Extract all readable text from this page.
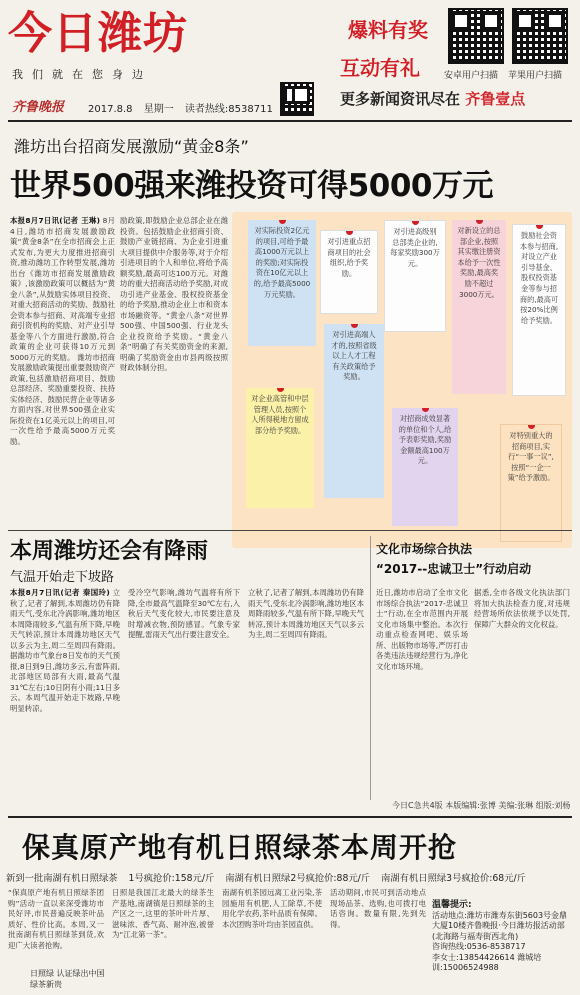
今日潍坊
我们就在您身边
齐鲁晚报 2017.8.8 星期一 读者热线:8538711
爆料有奖
互动有礼	安卓用户扫描 苹果用户扫描
更多新闻资讯尽在 齐鲁壹点
潍坊出台招商发展激励“黄金8条”
世界500强来潍投资可得5000万元
本报8月7日讯(记者 王琳) 8月4日,潍坊市招商发展激励政策“黄金8条”在全市招商会上正式发布,为更大力度推进招商引资,推动潍坊工作转型发展,潍坊出台《潍坊市招商发展激励政策》,该激励政策可以概括为“黄金八条”,从鼓励实体项目投资、对重大招商活动的奖励、鼓励社会资本参与招商、对高端专业招商引资机构的奖励、对产业引导基金等八个方面进行激励,符合政策的企业可获得10万元到5000万元的奖励。 潍坊市招商发展激励政策提出重要鼓励资产政策,包括激励招商项目、鼓励总部经济、奖励重要投资、扶持实体经济、鼓励民营企业等诸多方面内容,对世界500强企业实际投资在1亿美元以上的项目,可一次性给予最高5000万元奖励。
励政策,即鼓励企业总部企业在潍投资。包括鼓励企业招商引资、鼓励产业链招商、为企业引进重大项目提供中介服务等,对于介绍引进项目的个人和单位,将给予高额奖励,最高可达100万元。对潍坊的重大招商活动给予奖励,对成功引进产业基金、股权投资基金的给予奖励,推动企业上市和资本市场融资等。“黄金八条”对世界500强、中国500强、行业龙头企业投资给予奖励。“黄金八条”明确了有关奖励资金的来源,明确了奖励资金由市县两级按照财政体制分担。
对实际投资2亿元的项目,可给予最高1000万元以上的奖励;对实际投资在10亿元以上的,给予最高5000万元奖励。
对引进重点招商项目的社会组织,给予奖励。
对引进高级别总部类企业的,每家奖励300万元。
对新设立的总部企业,按照其实缴注册资本给予一次性奖励,最高奖励不超过3000万元。
鼓励社会资本参与招商,对设立产业引导基金、股权投资基金等参与招商的,最高可按20%比例给予奖励。
对引进高端人才的,按照省级以上人才工程有关政策给予奖励。
对企业高管和中层管理人员,按照个人所得税地方留成部分给予奖励。
对招商成效显著的单位和个人,给予表彰奖励,奖励金额最高100万元。
对特别重大的招商项目,实行“一事一议”,按照“一企一策”给予激励。
本周潍坊还会有降雨
气温开始走下坡路
本报8月7日讯(记者 秦国玲) 立秋了,记者了解到,本周潍坊仍有降雨天气,受东北冷涡影响,潍坊地区本周降雨较多,气温有所下降,早晚天气转凉,预计本周潍坊地区天气以多云为主,周二至周四有降雨。 据潍坊市气象台8日发布的天气预报,8日到9日,潍坊多云,有雷阵雨,北部地区局部有大雨,最高气温31℃左右;10日阴有小雨;11日多云。本周气温开始走下坡路,早晚明显转凉。
受冷空气影响,潍坊气温将有所下降,全市最高气温降至30℃左右,入秋后天气变化较大,市民要注意及时增减衣物,预防感冒。气象专家提醒,雷雨天气出行要注意安全。
立秋了,记者了解到,本周潍坊仍有降雨天气,受东北冷涡影响,潍坊地区本周降雨较多,气温有所下降,早晚天气转凉,预计本周潍坊地区天气以多云为主,周二至周四有降雨。
文化市场综合执法
“2017--忠诚卫士”行动启动
近日,潍坊市启动了全市文化市场综合执法“2017-忠诚卫士”行动,在全市范围内开展文化市场集中整治。本次行动重点检查网吧、娱乐场所、出版物市场等,严厉打击各类违法违规经营行为,净化文化市场环境。
据悉,全市各级文化执法部门将加大执法检查力度,对违规经营场所依法依规予以处罚,保障广大群众的文化权益。
今日C急共4版 本版编辑:张博 美编:张琳 组版:刘杨
保真原产地有机日照绿茶本周开抢
新到一批南湖有机日照绿茶 1号疯抢价:158元/斤 南湖有机日照绿2号疯抢价:88元/斤 南湖有机日照绿3号疯抢价:68元/斤
“保真原产地有机日照绿茶团购”活动一直以来深受潍坊市民好评,市民普遍反映茶叶品质好、性价比高。本周,又一批南湖有机日照绿茶到货,欢迎广大读者抢购。
日照绿 认证绿出中国绿茶新贵
日照是我国江北最大的绿茶生产基地,南湖镇是日照绿茶的主产区之一,这里的茶叶叶片厚、滋味浓、香气高、耐冲泡,被誉为“江北第一茶”。
南湖有机茶园远离工业污染,茶园施用有机肥,人工除草,不使用化学农药,茶叶品质有保障。本次团购茶叶均由茶园直供。
活动期间,市民可到活动地点现场品茶、选购,也可拨打电话咨询。数量有限,先到先得。
温馨提示:
活动地点:潍坊市潍寿东街5603号金鼎大厦10楼齐鲁晚报·今日潍坊报活动部(北海路与福寿街西北角)
咨询热线:0536-8538717
李女士:13854426614 潍城培训:15006524988
